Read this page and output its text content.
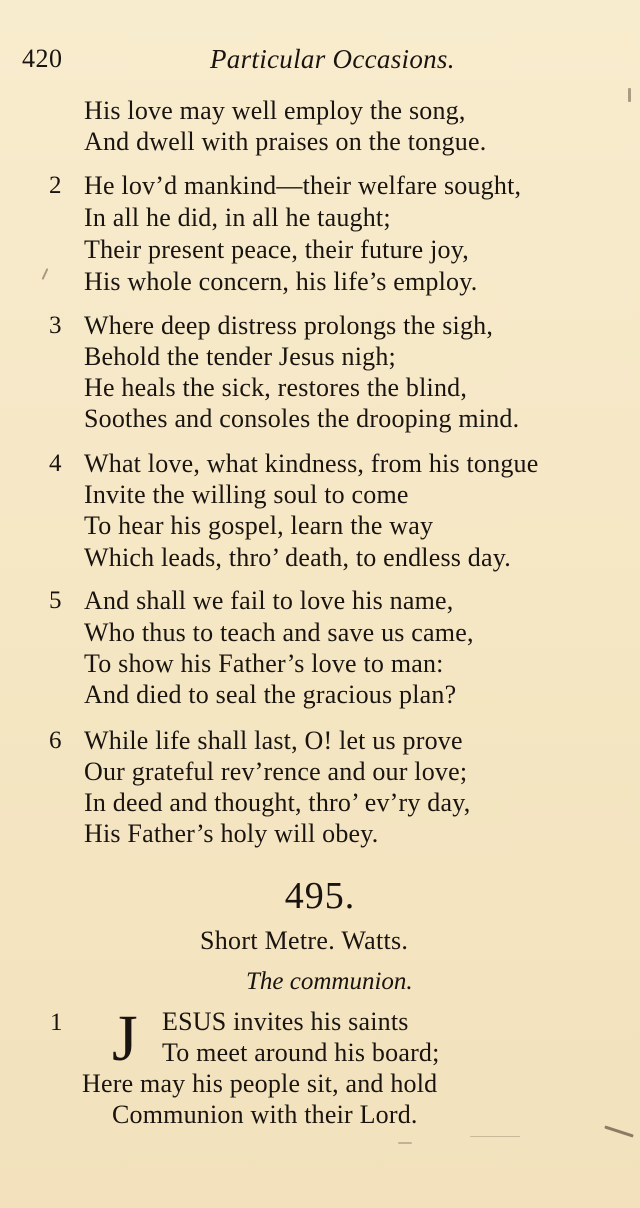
420	Particular Occasions.
His love may well employ the song,
And dwell with praises on the tongue.
2 He lov’d mankind—their welfare sought,
In all he did, in all he taught;
Their present peace, their future joy,
His whole concern, his life’s employ.
3 Where deep distress prolongs the sigh,
Behold the tender Jesus nigh;
He heals the sick, restores the blind,
Soothes and consoles the drooping mind.
4 What love, what kindness, from his tongue
Invite the willing soul to come
To hear his gospel, learn the way
Which leads, thro’ death, to endless day.
5 And shall we fail to love his name,
Who thus to teach and save us came,
To show his Father’s love to man:
And died to seal the gracious plan?
6 While life shall last, O! let us prove
Our grateful rev’rence and our love;
In deed and thought, thro’ ev’ry day,
His Father’s holy will obey.
495.
Short Metre. Watts.
The communion.
1 J ESUS invites his saints
To meet around his board;
Here may his people sit, and hold
Communion with their Lord.
